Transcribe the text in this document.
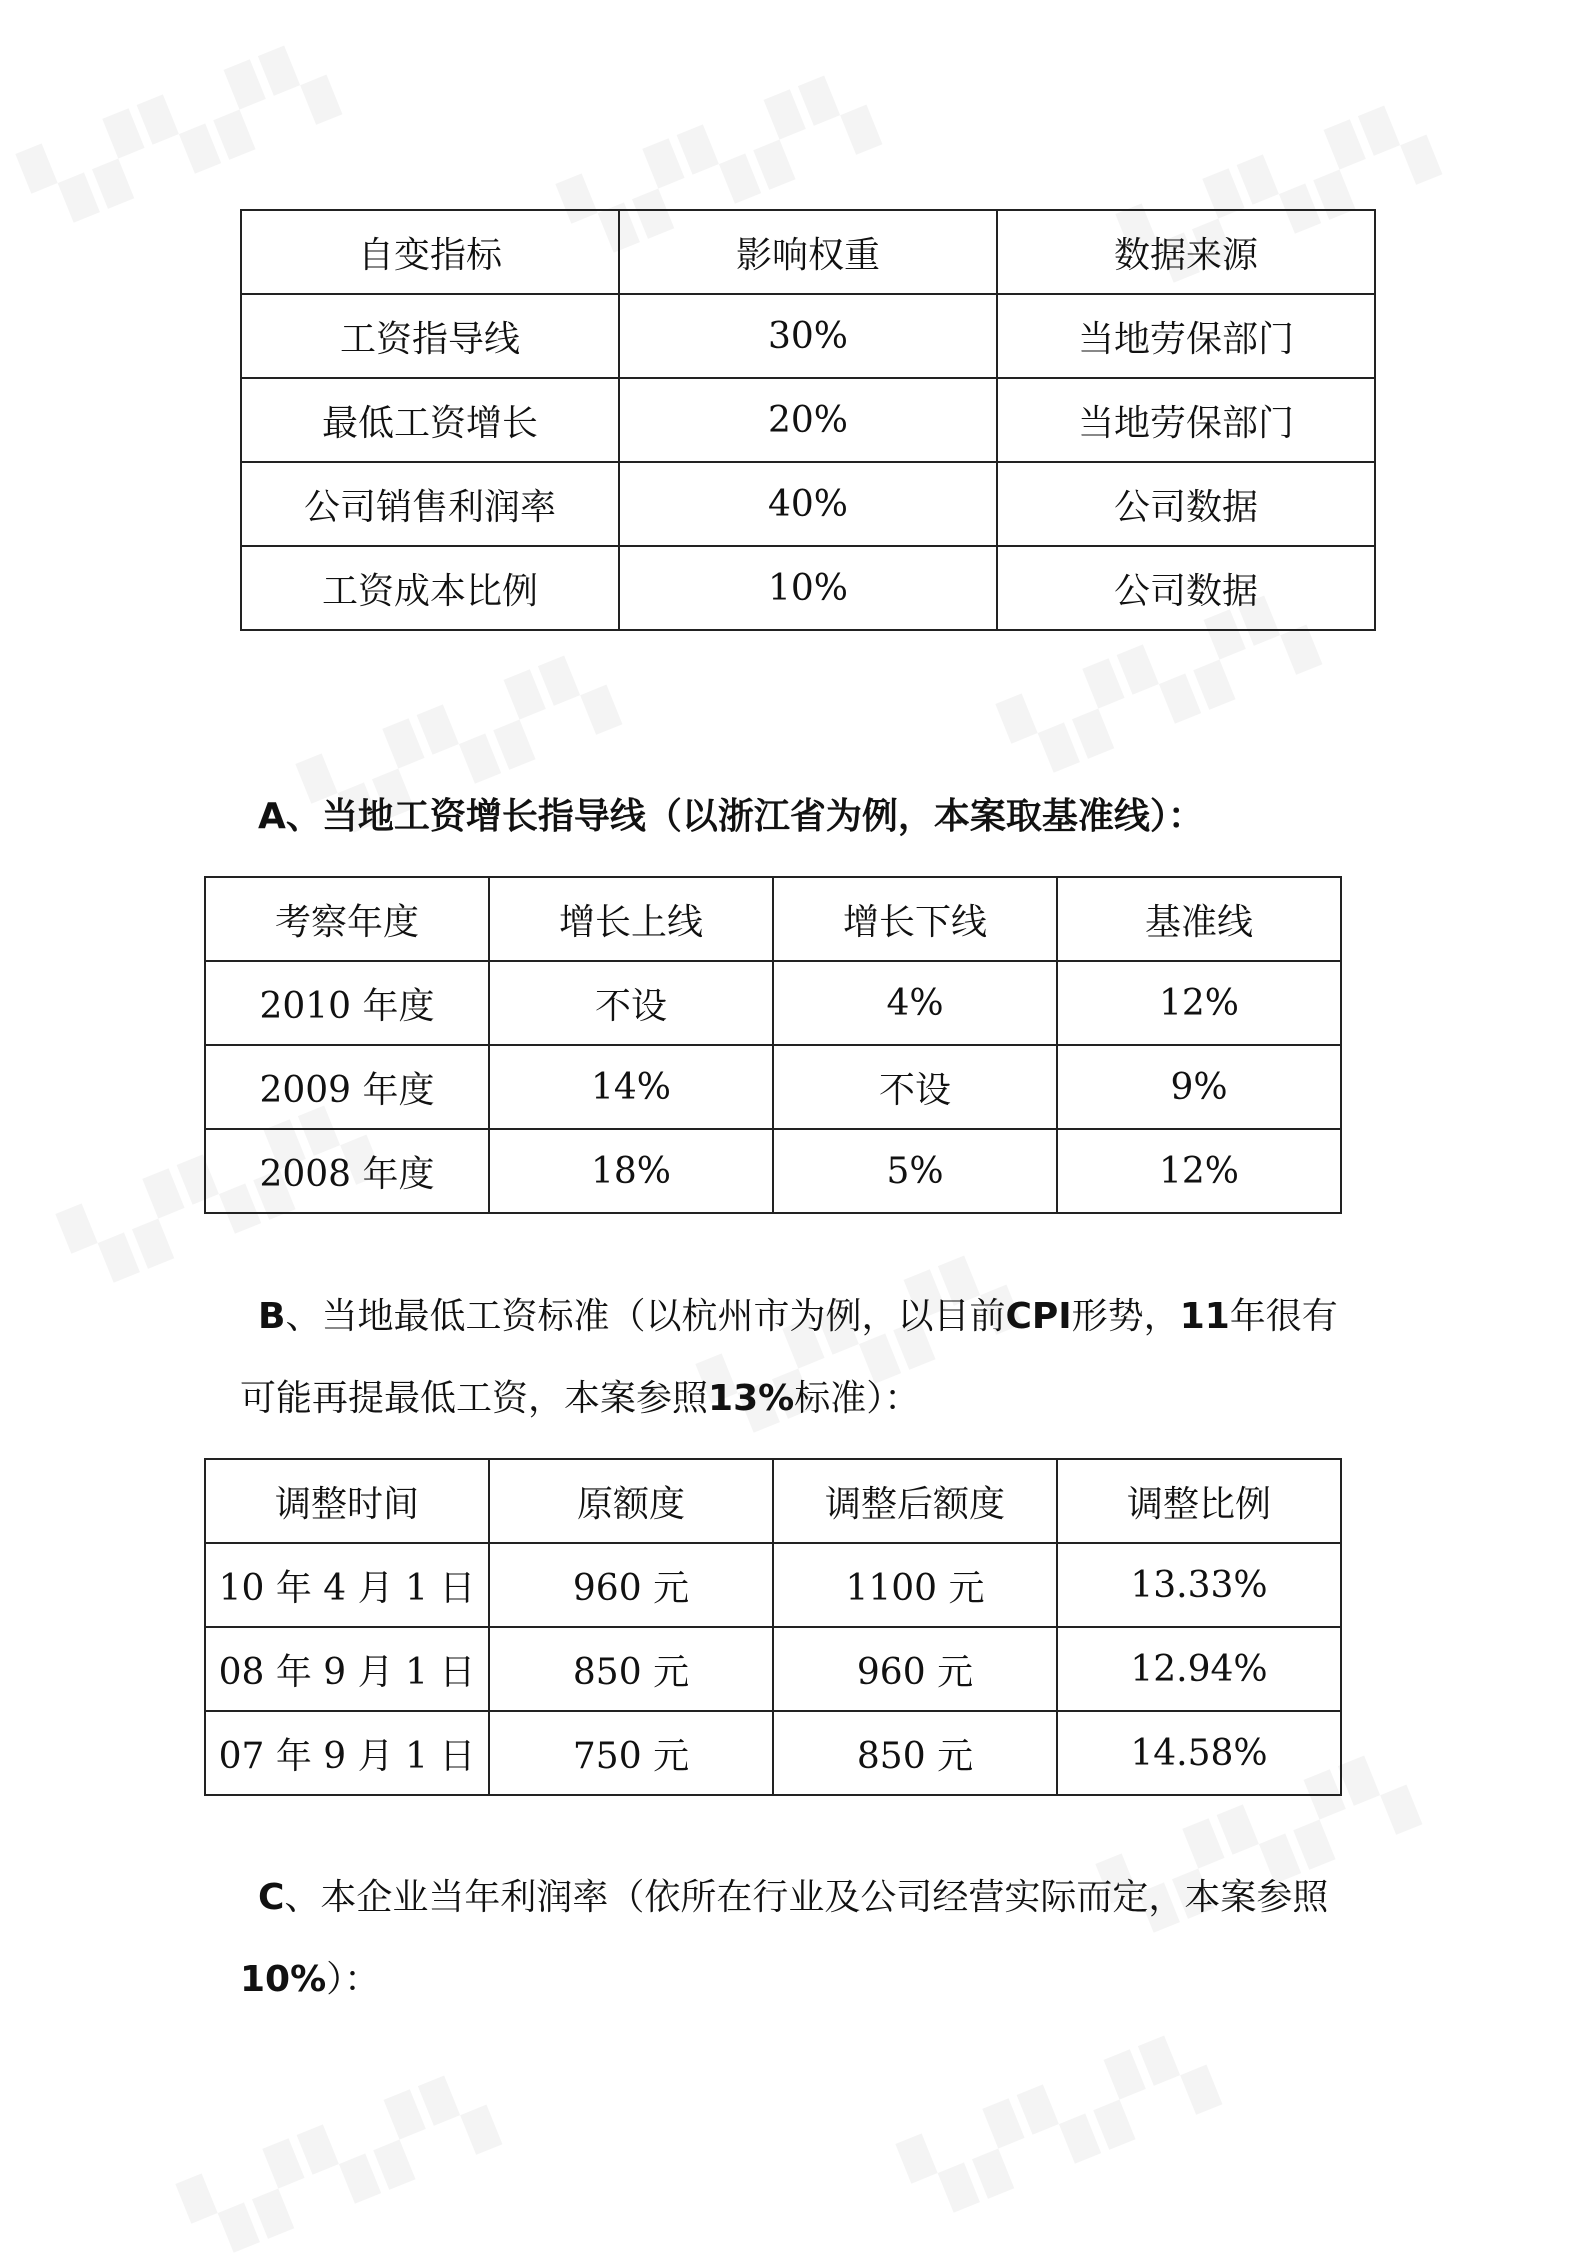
自变指标	影响权重	数据来源
工资指导线	30%	当地劳保部门
最低工资增长	20%	当地劳保部门
公司销售利润率	40%	公司数据
工资成本比例	10%	公司数据
A、当地工资增长指导线（以浙江省为例，本案取基准线）：
考察年度	增长上线	增长下线	基准线
2010 年度	不设	4%	12%
2009 年度	14%	不设	9%
2008 年度	18%	5%	12%
B、当地最低工资标准（以杭州市为例，以目前CPI形势，11年很有可能再提最低工资，本案参照13%标准）：
调整时间	原额度	调整后额度	调整比例
10 年 4 月 1 日	960 元	1100 元	13.33%
08 年 9 月 1 日	850 元	960 元	12.94%
07 年 9 月 1 日	750 元	850 元	14.58%
C、本企业当年利润率（依所在行业及公司经营实际而定，本案参照10%）：
